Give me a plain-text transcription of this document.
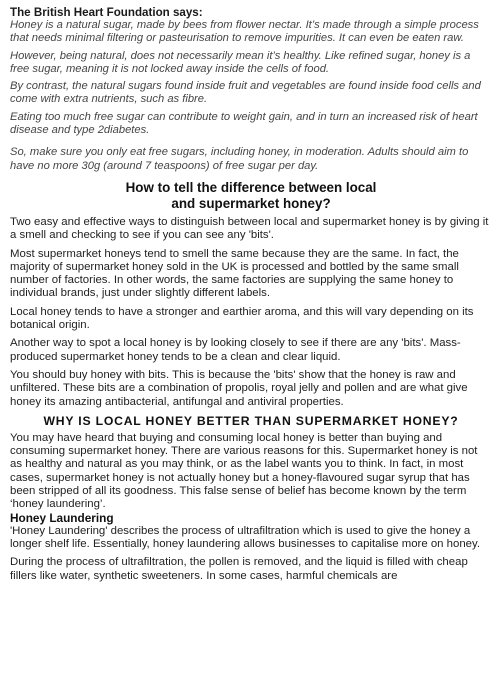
The British Heart Foundation says:

Honey is a natural sugar, made by bees from flower nectar. It’s made through a simple process that needs minimal filtering or pasteurisation to remove impurities. It can even be eaten raw.

However, being natural, does not necessarily mean it’s healthy. Like refined sugar, honey is a free sugar, meaning it is not locked away inside the cells of food.

By contrast, the natural sugars found inside fruit and vegetables are found inside food cells and come with extra nutrients, such as fibre.

Eating too much free sugar can contribute to weight gain, and in turn an increased risk of heart disease and type 2diabetes.

So, make sure you only eat free sugars, including honey, in moderation. Adults should aim to have no more 30g (around 7 teaspoons) of free sugar per day.

How to tell the difference between local
and supermarket honey?

Two easy and effective ways to distinguish between local and supermarket honey is by giving it a smell and checking to see if you can see any 'bits'.

Most supermarket honeys tend to smell the same because they are the same. In fact, the majority of supermarket honey sold in the UK is processed and bottled by the same small number of factories. In other words, the same factories are supplying the same honey to individual brands, just under slightly different labels.

Local honey tends to have a stronger and earthier aroma, and this will vary depending on its botanical origin.

Another way to spot a local honey is by looking closely to see if there are any 'bits'. Mass-produced supermarket honey tends to be a clean and clear liquid.

You should buy honey with bits. This is because the 'bits' show that the honey is raw and unfiltered. These bits are a combination of propolis, royal jelly and pollen and are what give honey its amazing antibacterial, antifungal and antiviral properties.

WHY IS LOCAL HONEY BETTER THAN SUPERMARKET HONEY?

You may have heard that buying and consuming local honey is better than buying and consuming supermarket honey. There are various reasons for this. Supermarket honey is not as healthy and natural as you may think, or as the label wants you to think. In fact, in most cases, supermarket honey is not actually honey but a honey-flavoured sugar syrup that has been stripped of all its goodness. This false sense of belief has become known by the term ‘honey laundering’.

Honey Laundering

'Honey Laundering' describes the process of ultrafiltration which is used to give the honey a longer shelf life. Essentially, honey laundering allows businesses to capitalise more on honey.

During the process of ultrafiltration, the pollen is removed, and the liquid is filled with cheap fillers like water, synthetic sweeteners. In some cases, harmful chemicals are
